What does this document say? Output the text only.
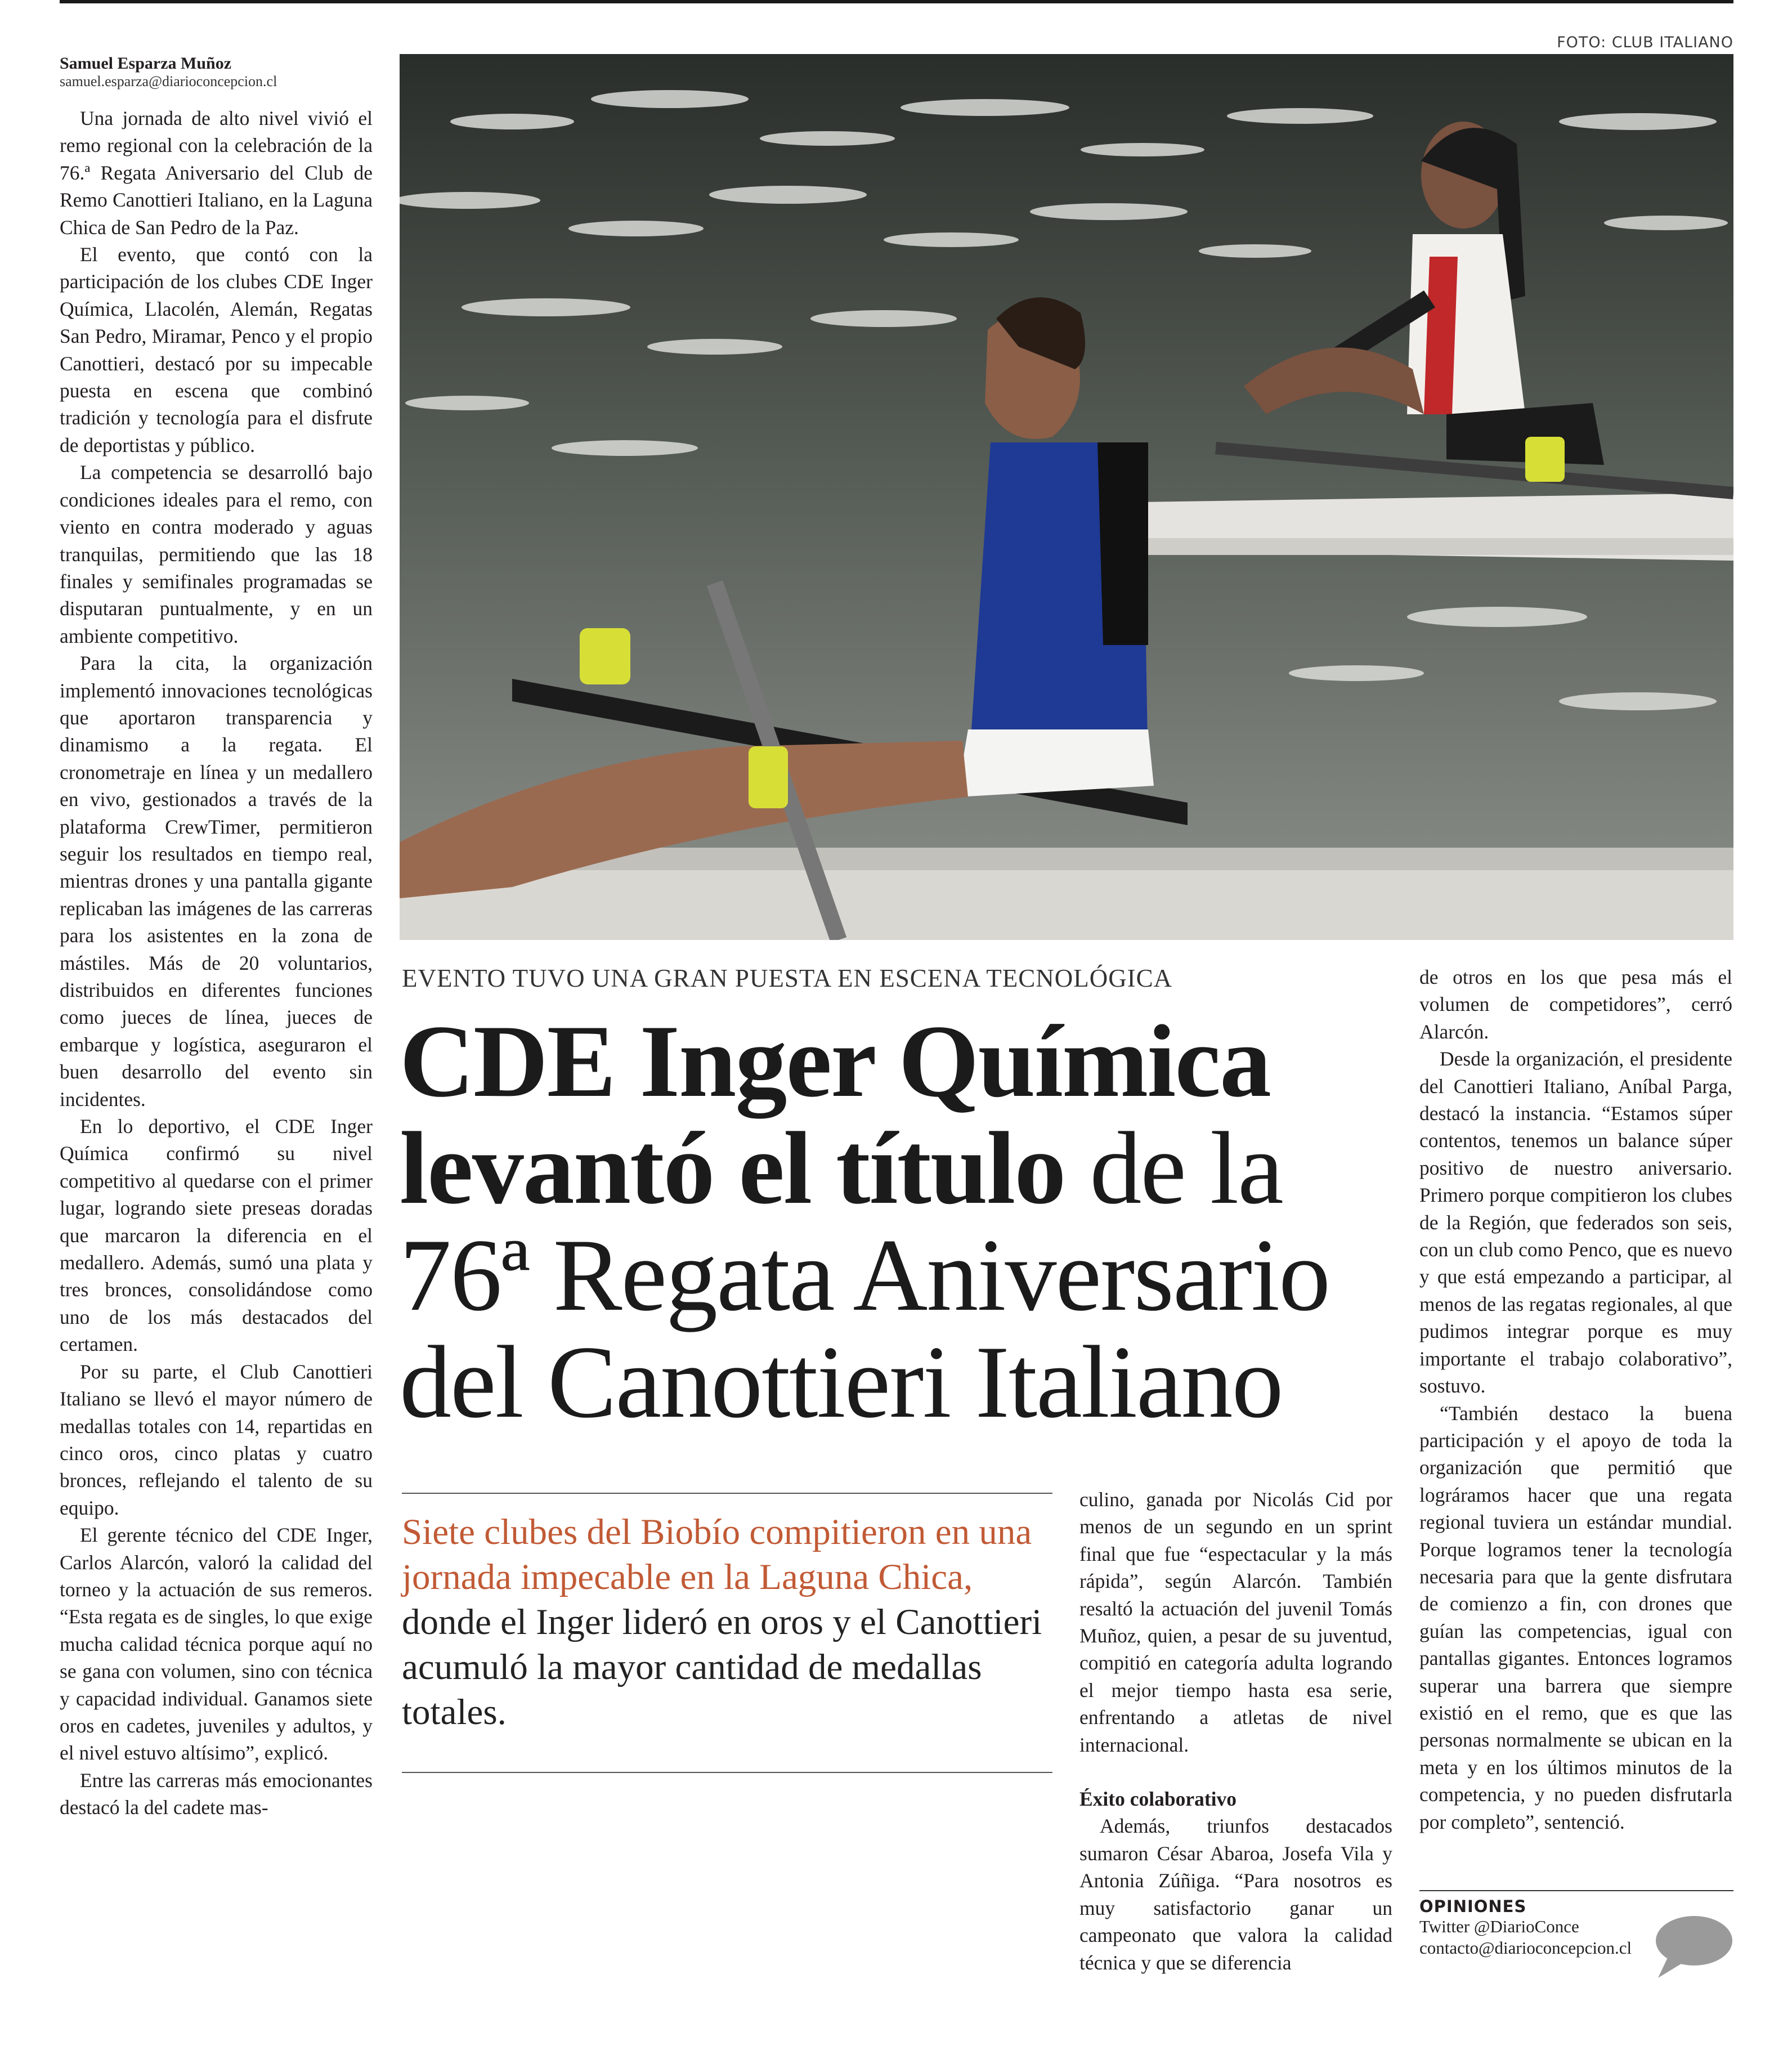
FOTO: CLUB ITALIANO
Samuel Esparza Muñoz
samuel.esparza@diarioconcepcion.cl

Una jornada de alto nivel vivió el remo regional con la celebración de la 76.ª Regata Aniversario del Club de Remo Canottieri Italiano, en la Laguna Chica de San Pedro de la Paz.

El evento, que contó con la participación de los clubes CDE Inger Química, Llacolén, Alemán, Regatas San Pedro, Miramar, Penco y el propio Canottieri, destacó por su impecable puesta en escena que combinó tradición y tecnología para el disfrute de deportistas y público.

La competencia se desarrolló bajo condiciones ideales para el remo, con viento en contra moderado y aguas tranquilas, permitiendo que las 18 finales y semifinales programadas se disputaran puntualmente, y en un ambiente competitivo.

Para la cita, la organización implementó innovaciones tecnológicas que aportaron transparencia y dinamismo a la regata. El cronometraje en línea y un medallero en vivo, gestionados a través de la plataforma CrewTimer, permitieron seguir los resultados en tiempo real, mientras drones y una pantalla gigante replicaban las imágenes de las carreras para los asistentes en la zona de mástiles. Más de 20 voluntarios, distribuidos en diferentes funciones como jueces de línea, jueces de embarque y logística, aseguraron el buen desarrollo del evento sin incidentes.

En lo deportivo, el CDE Inger Química confirmó su nivel competitivo al quedarse con el primer lugar, logrando siete preseas doradas que marcaron la diferencia en el medallero. Además, sumó una plata y tres bronces, consolidándose como uno de los más destacados del certamen.

Por su parte, el Club Canottieri Italiano se llevó el mayor número de medallas totales con 14, repartidas en cinco oros, cinco platas y cuatro bronces, reflejando el talento de su equipo.

El gerente técnico del CDE Inger, Carlos Alarcón, valoró la calidad del torneo y la actuación de sus remeros. “Esta regata es de singles, lo que exige mucha calidad técnica porque aquí no se gana con volumen, sino con técnica y capacidad individual. Ganamos siete oros en cadetes, juveniles y adultos, y el nivel estuvo altísimo”, explicó.

Entre las carreras más emocionantes destacó la del cadete mas-

EVENTO TUVO UNA GRAN PUESTA EN ESCENA TECNOLÓGICA
CDE Inger Química levantó el título de la 76ª Regata Aniversario del Canottieri Italiano
Siete clubes del Biobío compitieron en una jornada impecable en la Laguna Chica, donde el Inger lideró en oros y el Canottieri acumuló la mayor cantidad de medallas totales.

culino, ganada por Nicolás Cid por menos de un segundo en un sprint final que fue “espectacular y la más rápida”, según Alarcón. También resaltó la actuación del juvenil Tomás Muñoz, quien, a pesar de su juventud, compitió en categoría adulta logrando el mejor tiempo hasta esa serie, enfrentando a atletas de nivel internacional.

Éxito colaborativo

Además, triunfos destacados sumaron César Abaroa, Josefa Vila y Antonia Zúñiga. “Para nosotros es muy satisfactorio ganar un campeonato que valora la calidad técnica y que se diferencia

de otros en los que pesa más el volumen de competidores”, cerró Alarcón.

Desde la organización, el presidente del Canottieri Italiano, Aníbal Parga, destacó la instancia. “Estamos súper contentos, tenemos un balance súper positivo de nuestro aniversario. Primero porque compitieron los clubes de la Región, que federados son seis, con un club como Penco, que es nuevo y que está empezando a participar, al menos de las regatas regionales, al que pudimos integrar porque es muy importante el trabajo colaborativo”, sostuvo.

“También destaco la buena participación y el apoyo de toda la organización que permitió que lográramos hacer que una regata regional tuviera un estándar mundial. Porque logramos tener la tecnología necesaria para que la gente disfrutara de comienzo a fin, con drones que guían las competencias, igual con pantallas gigantes. Entonces logramos superar una barrera que siempre existió en el remo, que es que las personas normalmente se ubican en la meta y en los últimos minutos de la competencia, y no pueden disfrutarla por completo”, sentenció.

OPINIONES
Twitter @DiarioConce
contacto@diarioconcepcion.cl
